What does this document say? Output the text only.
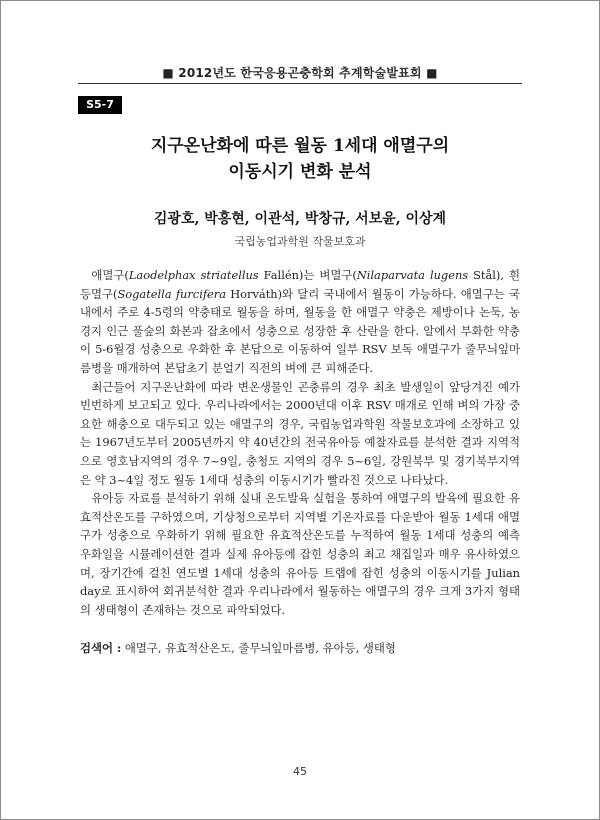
■ 2012년도 한국응용곤충학회 추계학술발표회 ■
S5-7
지구온난화에 따른 월동 1세대 애멸구의
이동시기 변화 분석
김광호, 박홍현, 이관석, 박창규, 서보윤, 이상계
국립농업과학원 작물보호과

애멸구(Laodelphax striatellus Fallén)는 벼멸구(Nilaparvata lugens Stål), 흰등멸구(Sogatella furcifera Horváth)와 달리 국내에서 월동이 가능하다. 애멸구는 국내에서 주로 4-5령의 약충태로 월동을 하며, 월동을 한 애멸구 약충은 제방이나 논둑, 농경지 인근 풀숲의 화본과 잡초에서 성충으로 성장한 후 산란을 한다. 알에서 부화한 약충이 5-6월경 성충으로 우화한 후 본답으로 이동하여 일부 RSV 보독 애멸구가 줄무늬잎마름병을 매개하여 본답초기 분얼기 직전의 벼에 큰 피해준다.

최근들어 지구온난화에 따라 변온생물인 곤충류의 경우 최초 발생일이 앞당겨진 예가 빈번하게 보고되고 있다. 우리나라에서는 2000년대 이후 RSV 매개로 인해 벼의 가장 중요한 해충으로 대두되고 있는 애멸구의 경우, 국립농업과학원 작물보호과에 소장하고 있는 1967년도부터 2005년까지 약 40년간의 전국유아등 예찰자료를 분석한 결과 지역적으로 영호남지역의 경우 7~9일, 충청도 지역의 경우 5~6일, 강원북부 및 경기북부지역은 약 3~4일 정도 월동 1세대 성충의 이동시기가 빨라진 것으로 나타났다.

유아등 자료를 분석하기 위해 실내 온도발육 실험을 통하여 애멸구의 발육에 필요한 유효적산온도를 구하였으며, 기상청으로부터 지역별 기온자료를 다운받아 월동 1세대 애멸구가 성충으로 우화하기 위해 필요한 유효적산온도를 누적하여 월동 1세대 성충의 예측 우화일을 시뮬레이션한 결과 실제 유아등에 잡힌 성충의 최고 채집일과 매우 유사하였으며, 장기간에 걸친 연도별 1세대 성충의 유아등 트랩에 잡힌 성충의 이동시기를 Julian day로 표시하여 회귀분석한 결과 우리나라에서 월동하는 애멸구의 경우 크게 3가지 형태의 생태형이 존재하는 것으로 파악되었다.

검색어 : 애멸구, 유효적산온도, 줄무늬잎마름병, 유아등, 생태형
45
